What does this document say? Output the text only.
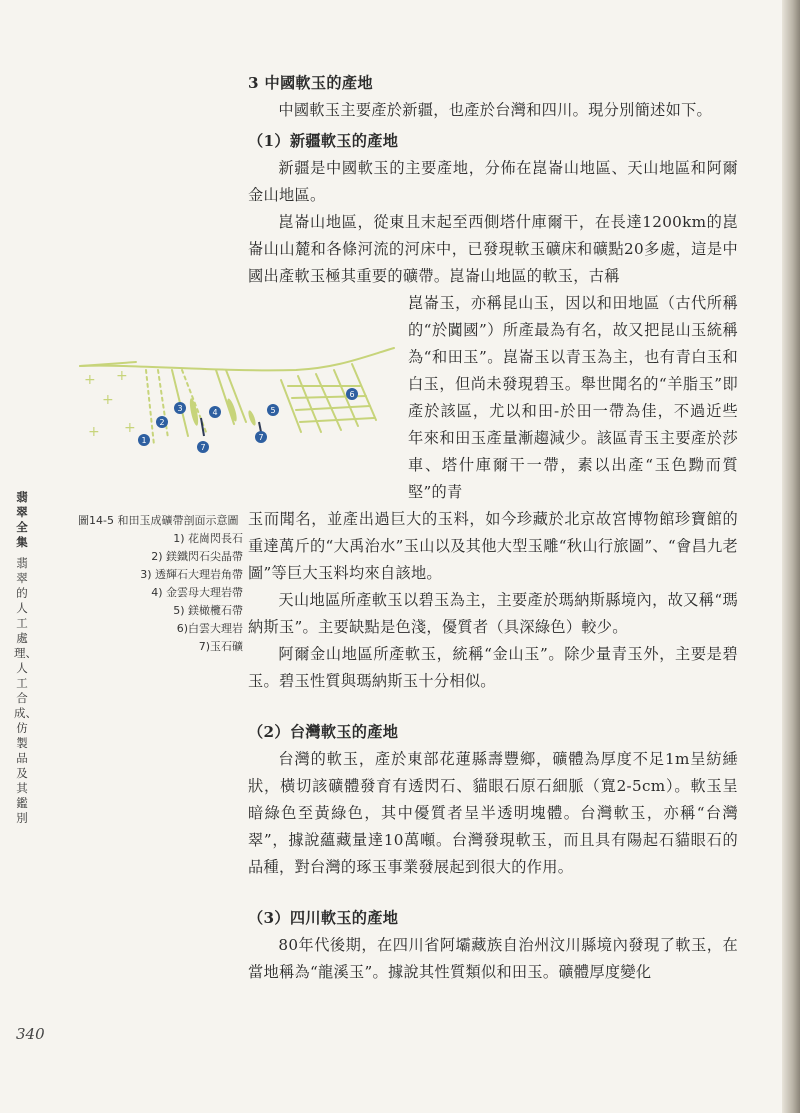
翡翠全集
翡翠的人工處理、人工合成、仿製品及其鑑別

3 中國軟玉的產地

中國軟玉主要產於新疆，也產於台灣和四川。現分別簡述如下。

（1）新疆軟玉的產地

新疆是中國軟玉的主要產地，分佈在崑崙山地區、天山地區和阿爾金山地區。

崑崙山地區，從東且末起至西側塔什庫爾干，在長達1200km的崑崙山山麓和各條河流的河床中，已發現軟玉礦床和礦點20多處，這是中國出產軟玉極其重要的礦帶。崑崙山地區的軟玉，古稱

崑崙玉，亦稱昆山玉，因以和田地區（古代所稱的“於闐國”）所產最為有名，故又把昆山玉統稱為“和田玉”。崑崙玉以青玉為主，也有青白玉和白玉，但尚未發現碧玉。舉世聞名的“羊脂玉”即產於該區，尤以和田-於田一帶為佳，不過近些年來和田玉產量漸趨減少。該區青玉主要產於莎車、塔什庫爾干一帶，素以出產“玉色黝而質堅”的青

玉而聞名，並產出過巨大的玉料，如今珍藏於北京故宮博物館珍寶館的重達萬斤的“大禹治水”玉山以及其他大型玉雕“秋山行旅圖”、“會昌九老圖”等巨大玉料均來自該地。

天山地區所產軟玉以碧玉為主，主要產於瑪納斯縣境內，故又稱“瑪納斯玉”。主要缺點是色淺，優質者（具深綠色）較少。

阿爾金山地區所產軟玉，統稱“金山玉”。除少量青玉外，主要是碧玉。碧玉性質與瑪納斯玉十分相似。

（2）台灣軟玉的產地

台灣的軟玉，產於東部花蓮縣壽豐鄉，礦體為厚度不足1m呈紡綞狀，橫切該礦體發育有透閃石、貓眼石原石細脈（寬2-5cm）。軟玉呈暗綠色至黃綠色，其中優質者呈半透明塊體。台灣軟玉，亦稱“台灣翠”，據說蘊藏量達10萬噸。台灣發現軟玉，而且具有陽起石貓眼石的品種，對台灣的琢玉事業發展起到很大的作用。

（3）四川軟玉的產地

80年代後期，在四川省阿壩藏族自治州汶川縣境內發現了軟玉，在當地稱為“龍溪玉”。據說其性質類似和田玉。礦體厚度變化

+ +
+
+ +
1
2
3	4	5
6
7
7
圖14-5 和田玉成礦帶剖面示意圖
1) 花崗閃長石
2) 鎂鐵閃石尖晶帶
3) 透輝石大理岩角帶
4) 金雲母大理岩帶
5) 鎂橄欖石帶
6)白雲大理岩
7)玉石礦
340
